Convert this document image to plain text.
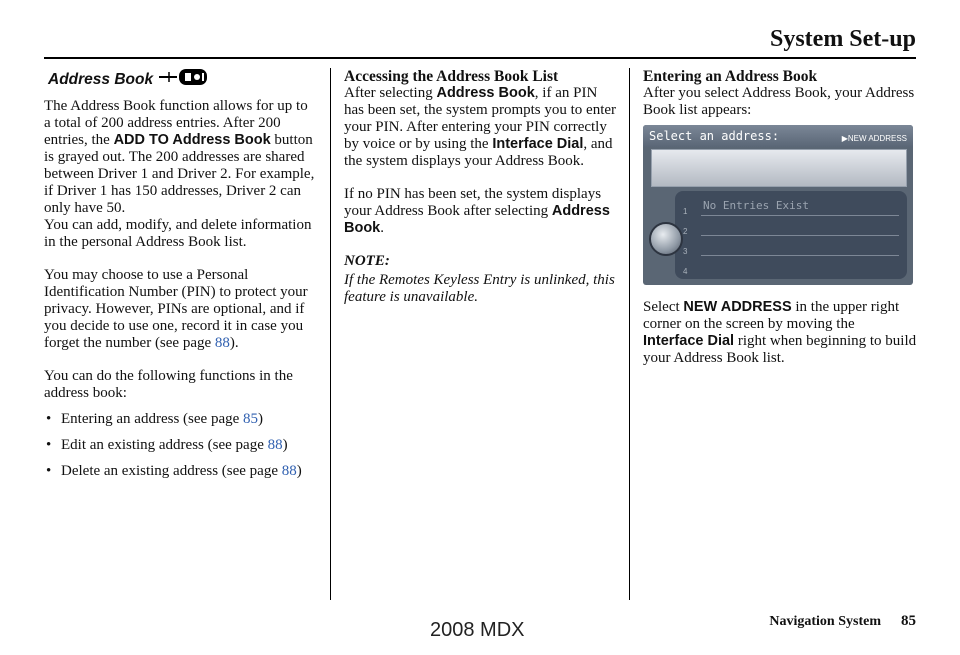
System Set-up
Address Book

The Address Book function allows for up to a total of 200 address entries. After 200 entries, the ADD TO Address Book button is grayed out. The 200 addresses are shared between Driver 1 and Driver 2. For example, if Driver 1 has 150 addresses, Driver 2 can only have 50.
You can add, modify, and delete information in the personal Address Book list.

You may choose to use a Personal Identification Number (PIN) to protect your privacy. However, PINs are optional, and if you decide to use one, record it in case you forget the number (see page 88).

You can do the following functions in the address book:

• Entering an address (see page 85)
• Edit an existing address (see page 88)
• Delete an existing address (see page 88)
Accessing the Address Book List

After selecting Address Book, if an PIN has been set, the system prompts you to enter your PIN. After entering your PIN correctly by voice or by using the Interface Dial, and the system displays your Address Book.

If no PIN has been set, the system displays your Address Book after selecting Address Book.

NOTE:
If the Remotes Keyless Entry is unlinked, this feature is unavailable.
Entering an Address Book

After you select Address Book, your Address Book list appears:

Select an address:	▶NEW ADDRESS
No Entries Exist
1
2
3
4

Select NEW ADDRESS in the upper right corner on the screen by moving the Interface Dial right when beginning to build your Address Book list.

2008 MDX	Navigation System 85
